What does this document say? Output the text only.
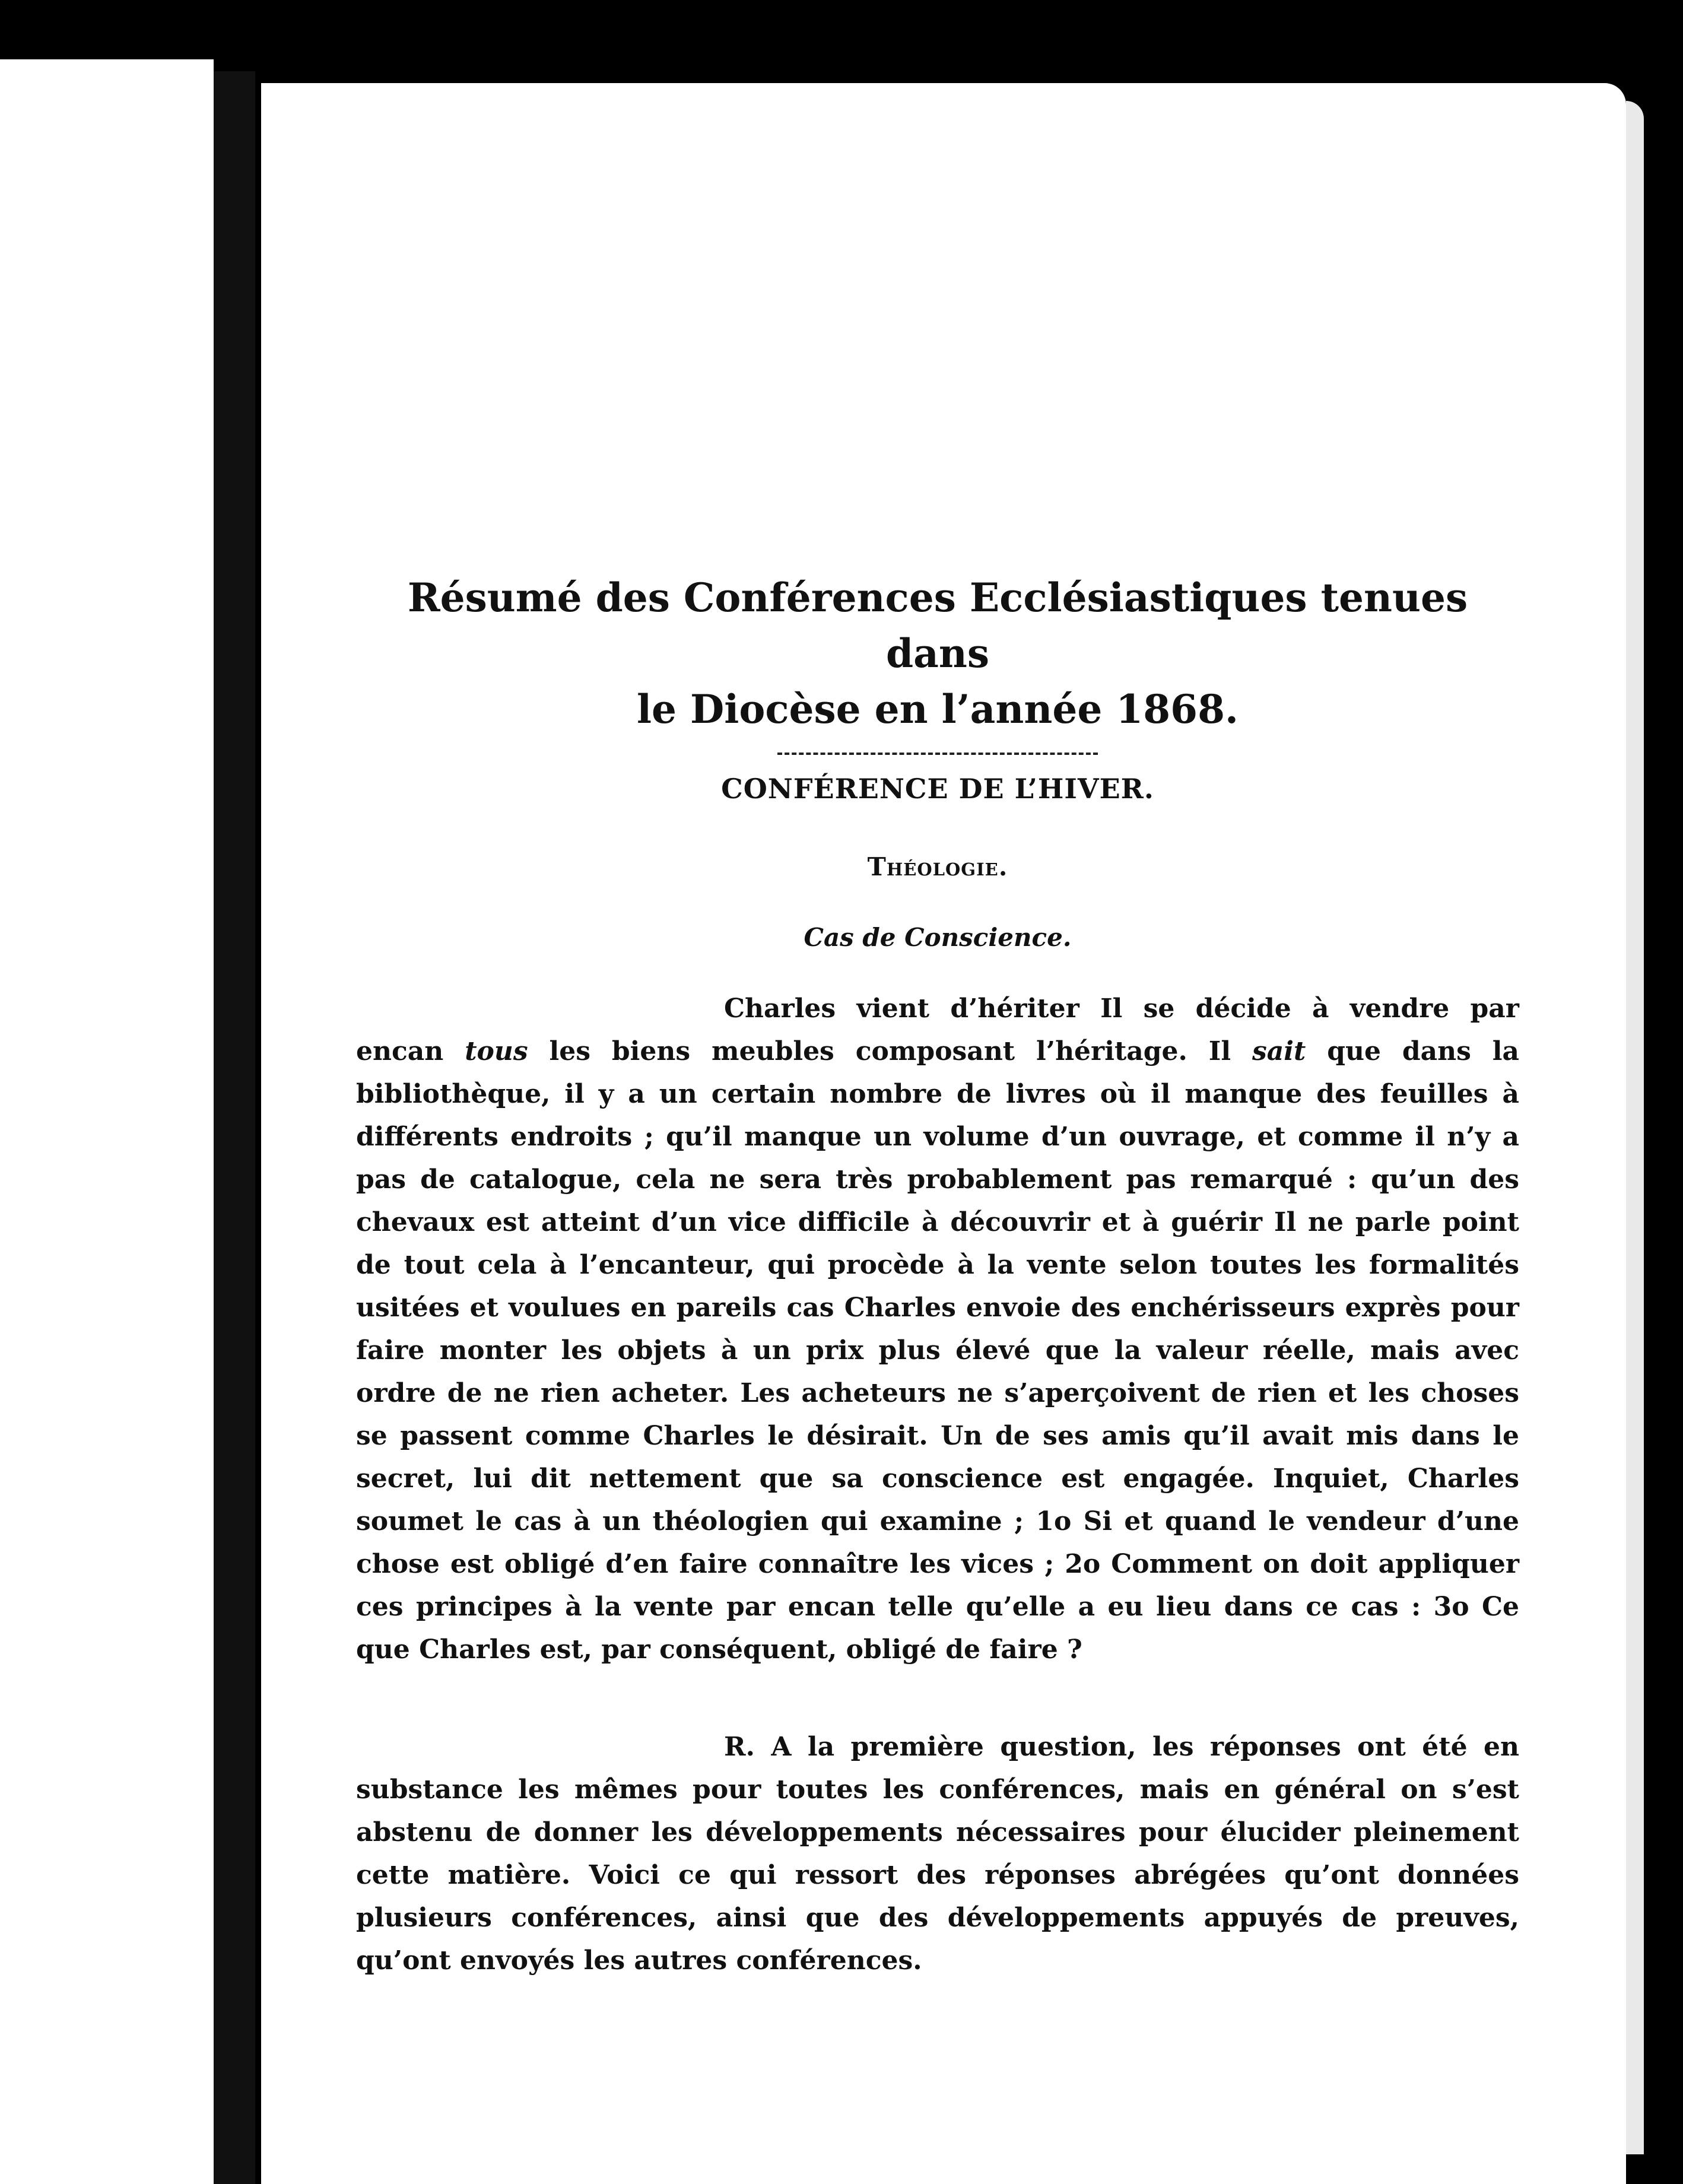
Résumé des Conférences Ecclésiastiques tenues dans
le Diocèse en l’année 1868.
CONFÉRENCE DE L’HIVER.
Théologie.
Cas de Conscience.

Charles vient d’hériter Il se décide à vendre par encan tous les biens meubles composant l’héritage. Il sait que dans la bibliothèque, il y a un certain nombre de livres où il manque des feuilles à différents endroits ; qu’il manque un volume d’un ouvrage, et comme il n’y a pas de catalogue, cela ne sera très probablement pas remarqué : qu’un des chevaux est atteint d’un vice difficile à découvrir et à guérir Il ne parle point de tout cela à l’encanteur, qui procède à la vente selon toutes les formalités usitées et voulues en pareils cas Charles envoie des enchérisseurs exprès pour faire monter les objets à un prix plus élevé que la valeur réelle, mais avec ordre de ne rien acheter. Les acheteurs ne s’aperçoivent de rien et les choses se passent comme Charles le désirait. Un de ses amis qu’il avait mis dans le secret, lui dit nettement que sa conscience est engagée. Inquiet, Charles soumet le cas à un théologien qui examine ; 1o Si et quand le vendeur d’une chose est obligé d’en faire connaître les vices ; 2o Comment on doit appliquer ces principes à la vente par encan telle qu’elle a eu lieu dans ce cas : 3o Ce que Charles est, par conséquent, obligé de faire ?

R. A la première question, les réponses ont été en substance les mêmes pour toutes les conférences, mais en général on s’est abstenu de donner les développements nécessaires pour élucider pleinement cette matière. Voici ce qui ressort des réponses abrégées qu’ont données plusieurs conférences, ainsi que des développements appuyés de preuves, qu’ont envoyés les autres conférences.
